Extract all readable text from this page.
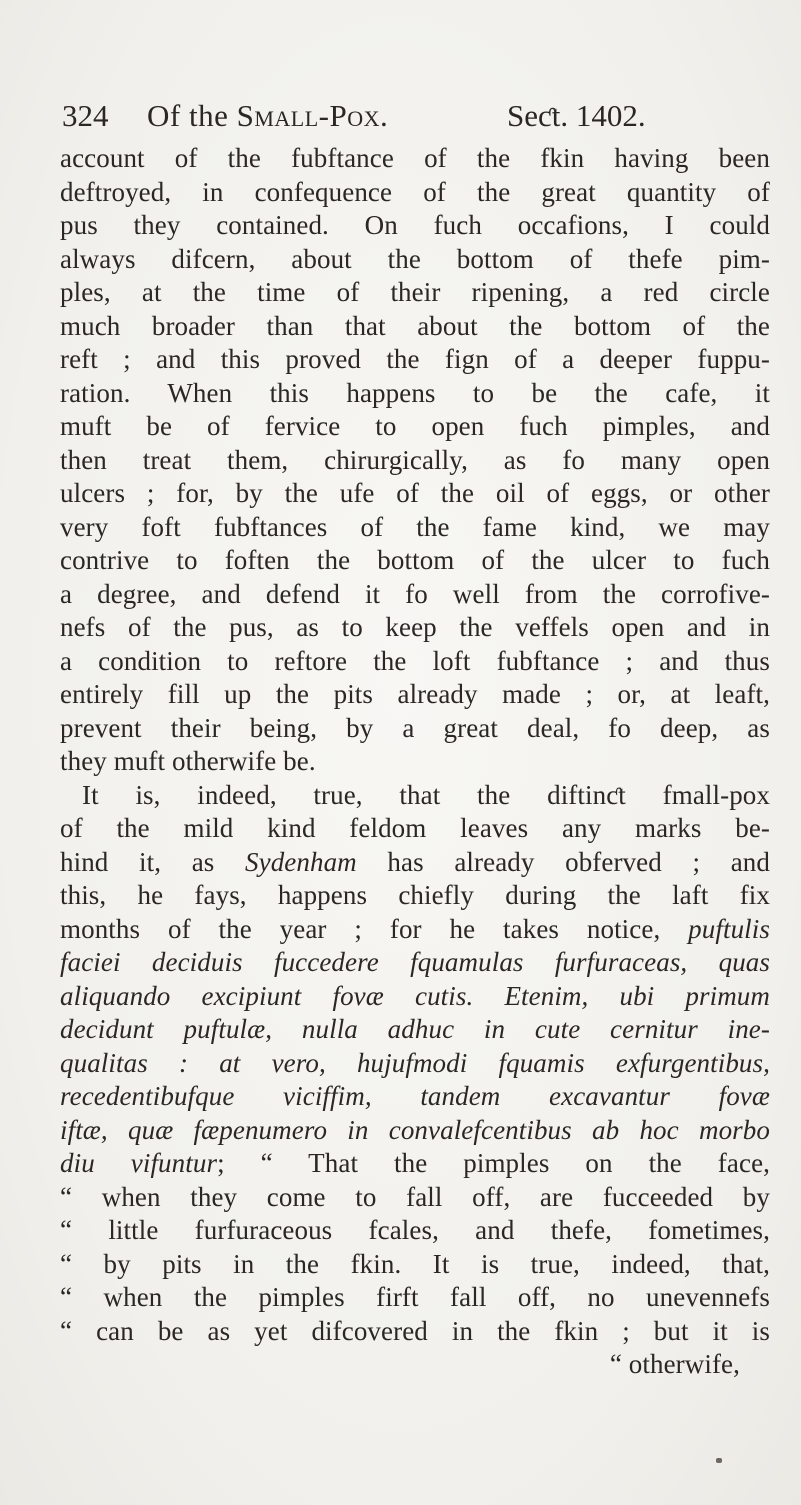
324 Of the Small-Pox.	Seƈt. 1402.
account of the fubftance of the fkin having been
deftroyed, in confequence of the great quantity of
pus they contained. On fuch occafions, I could
always difcern, about the bottom of thefe pim-
ples, at the time of their ripening, a red circle
much broader than that about the bottom of the
reft ; and this proved the fign of a deeper fuppu-
ration. When this happens to be the cafe, it
muft be of fervice to open fuch pimples, and
then treat them, chirurgically, as fo many open
ulcers ; for, by the ufe of the oil of eggs, or other
very foft fubftances of the fame kind, we may
contrive to foften the bottom of the ulcer to fuch
a degree, and defend it fo well from the corrofive-
nefs of the pus, as to keep the veffels open and in
a condition to reftore the loft fubftance ; and thus
entirely fill up the pits already made ; or, at leaft,
prevent their being, by a great deal, fo deep, as
they muft otherwife be.
It is, indeed, true, that the diftinƈt fmall-pox
of the mild kind feldom leaves any marks be-
hind it, as Sydenham has already obferved ; and
this, he fays, happens chiefly during the laft fix
months of the year ; for he takes notice, puftulis
faciei deciduis fuccedere fquamulas furfuraceas, quas
aliquando excipiunt fovæ cutis. Etenim, ubi primum
decidunt puftulæ, nulla adhuc in cute cernitur ine-
qualitas : at vero, hujufmodi fquamis exfurgentibus,
recedentibufque viciffim, tandem excavantur fovæ
iftæ, quæ fæpenumero in convalefcentibus ab hoc morbo
diu vifuntur; “ That the pimples on the face,
“ when they come to fall off, are fucceeded by
“ little furfuraceous fcales, and thefe, fometimes,
“ by pits in the fkin. It is true, indeed, that,
“ when the pimples firft fall off, no unevennefs
“ can be as yet difcovered in the fkin ; but it is
“ otherwife,
